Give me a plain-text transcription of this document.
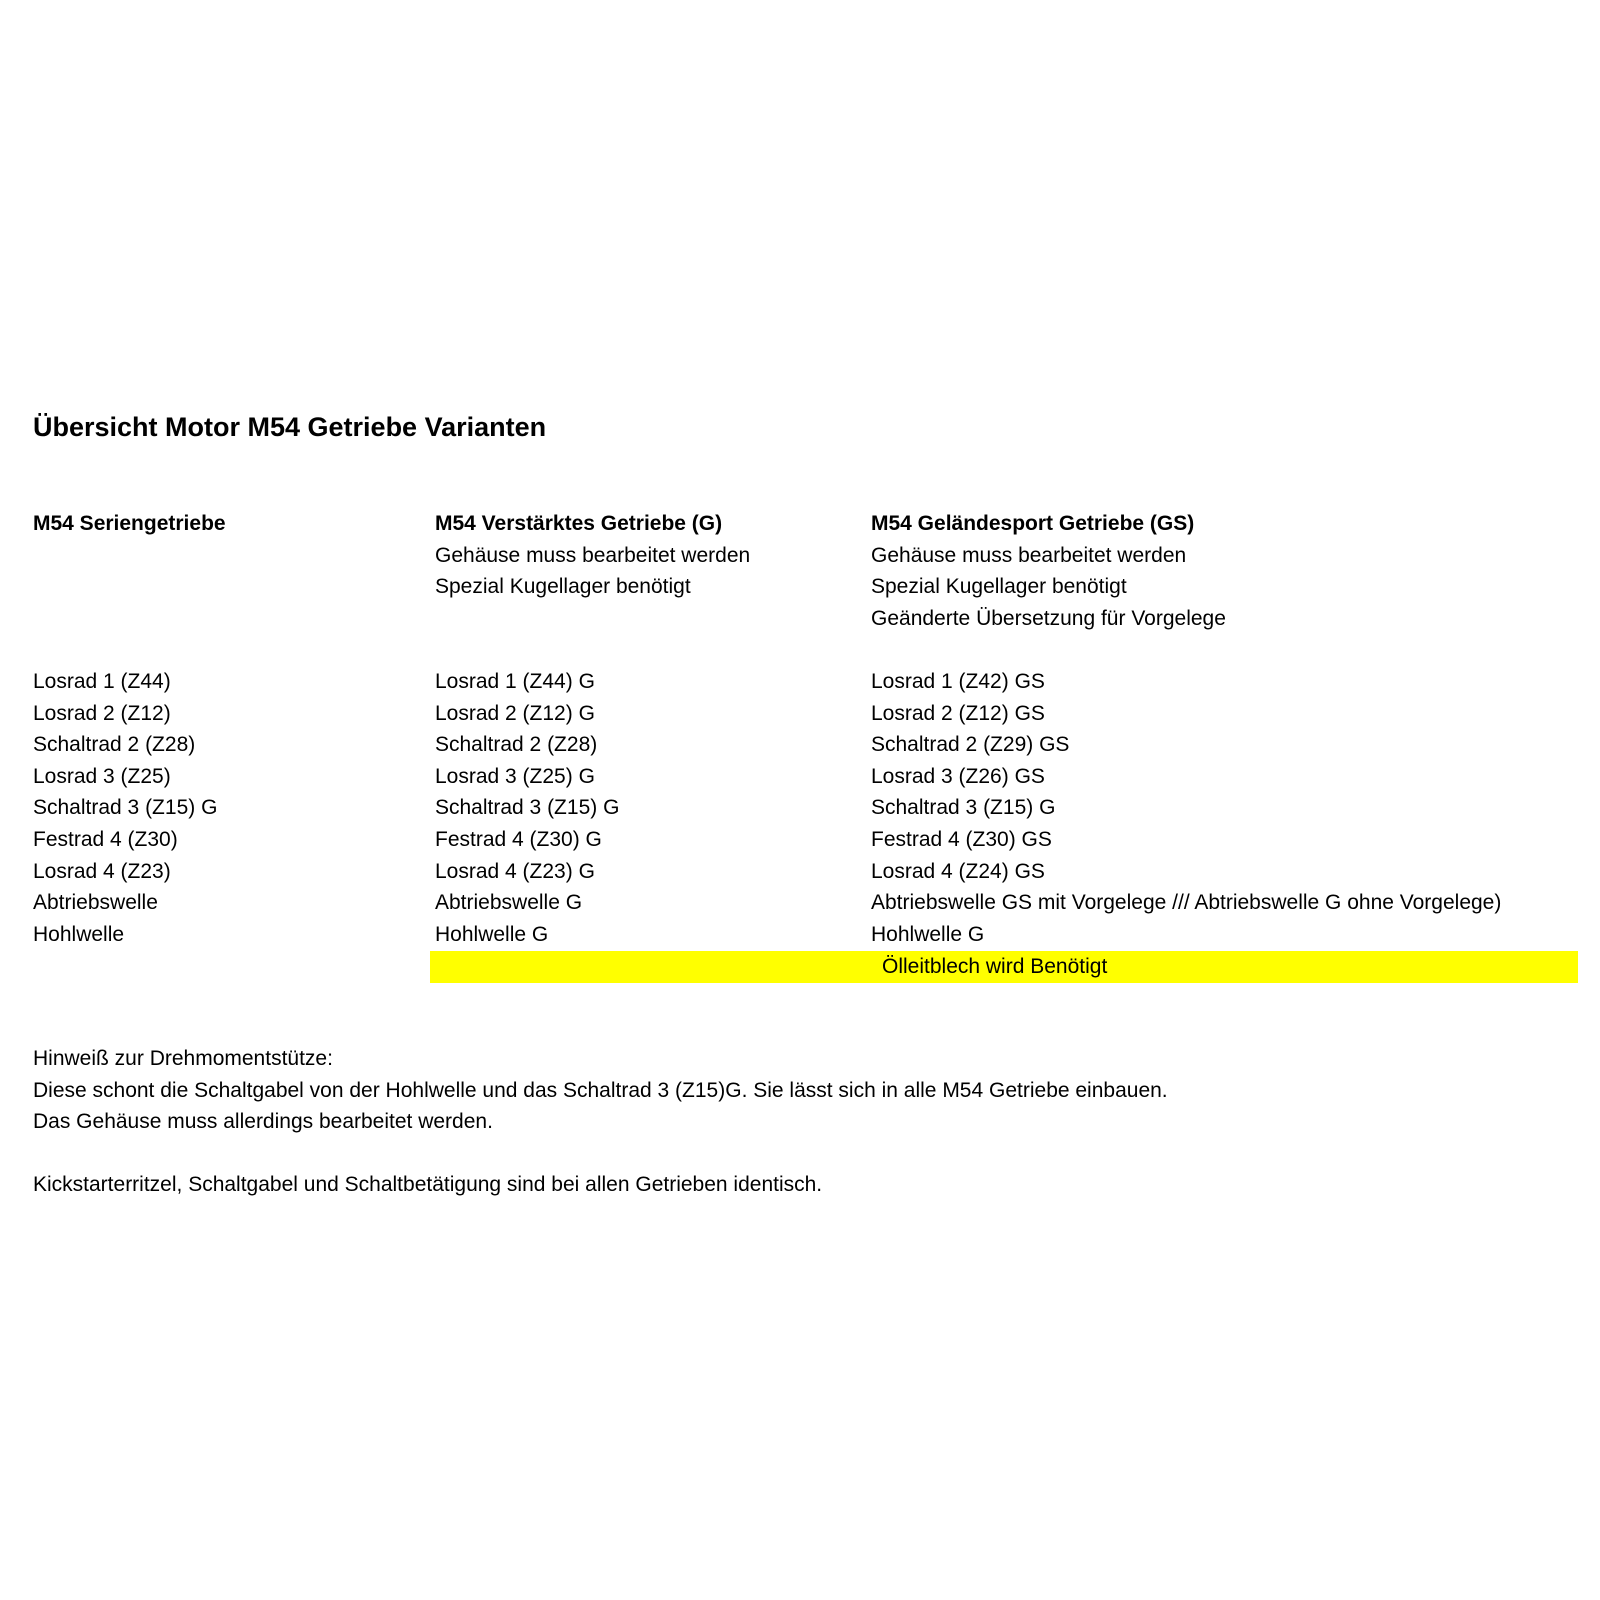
Übersicht Motor M54 Getriebe Varianten
M54 Seriengetriebe	M54 Verstärktes Getriebe (G)
Gehäuse muss bearbeitet werden
Spezial Kugellager benötigt
M54 Geländesport Getriebe (GS)
Gehäuse muss bearbeitet werden
Spezial Kugellager benötigt
Geänderte Übersetzung für Vorgelege
Losrad 1 (Z44)
Losrad 2 (Z12)
Schaltrad 2 (Z28)
Losrad 3 (Z25)
Schaltrad 3 (Z15) G
Festrad 4 (Z30)
Losrad 4 (Z23)
Abtriebswelle
Hohlwelle
Losrad 1 (Z44) G
Losrad 2 (Z12) G
Schaltrad 2 (Z28)
Losrad 3 (Z25) G
Schaltrad 3 (Z15) G
Festrad 4 (Z30) G
Losrad 4 (Z23) G
Abtriebswelle G
Hohlwelle G
Losrad 1 (Z42) GS
Losrad 2 (Z12) GS
Schaltrad 2 (Z29) GS
Losrad 3 (Z26) GS
Schaltrad 3 (Z15) G
Festrad 4 (Z30) GS
Losrad 4 (Z24) GS
Abtriebswelle GS mit Vorgelege /// Abtriebswelle G ohne Vorgelege)
Hohlwelle G
Ölleitblech wird Benötigt
Hinweiß zur Drehmomentstütze:
Diese schont die Schaltgabel von der Hohlwelle und das Schaltrad 3 (Z15)G. Sie lässt sich in alle M54 Getriebe einbauen.
Das Gehäuse muss allerdings bearbeitet werden.
Kickstarterritzel, Schaltgabel und Schaltbetätigung sind bei allen Getrieben identisch.
